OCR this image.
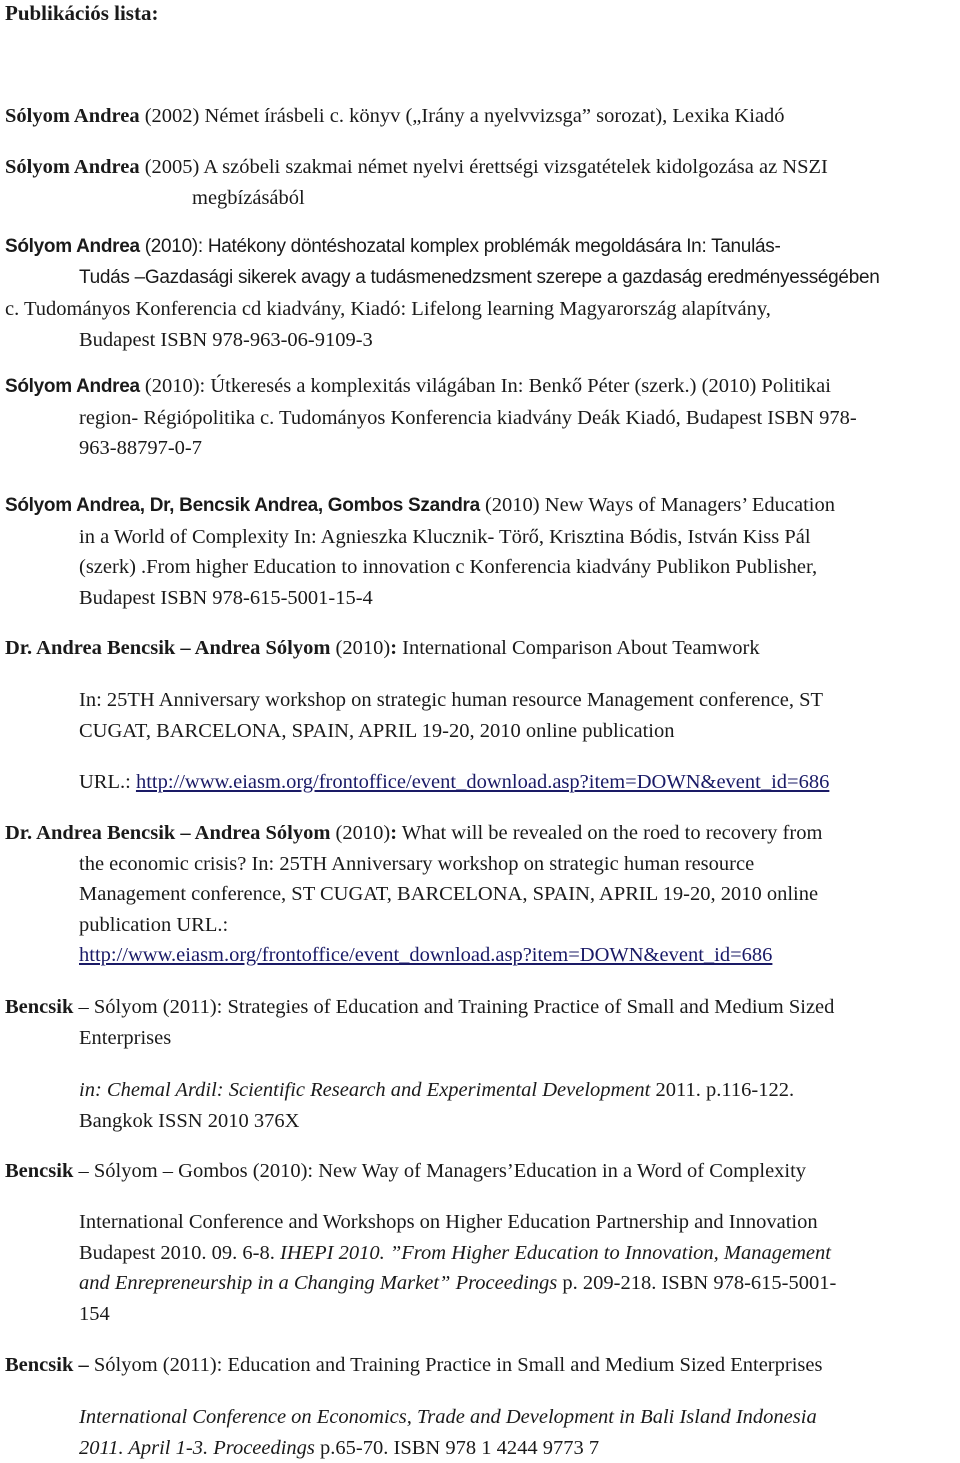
Publikációs lista:
Sólyom Andrea (2002) Német írásbeli c. könyv („Irány a nyelvvizsga” sorozat), Lexika Kiadó
Sólyom Andrea (2005) A szóbeli szakmai német nyelvi érettségi vizsgatételek kidolgozása az NSZI
megbízásából
Sólyom Andrea (2010): Hatékony döntéshozatal komplex problémák megoldására In: Tanulás-
Tudás –Gazdasági sikerek avagy a tudásmenedzsment szerepe a gazdaság eredményességében
c. Tudományos Konferencia cd kiadvány, Kiadó: Lifelong learning Magyarország alapítvány,
Budapest ISBN 978-963-06-9109-3
Sólyom Andrea (2010): Útkeresés a komplexitás világában In: Benkő Péter (szerk.) (2010) Politikai
region- Régiópolitika c. Tudományos Konferencia kiadvány Deák Kiadó, Budapest ISBN 978-
963-88797-0-7
Sólyom Andrea, Dr, Bencsik Andrea, Gombos Szandra (2010) New Ways of Managers’ Education
in a World of Complexity In: Agnieszka Klucznik- Törő, Krisztina Bódis, István Kiss Pál
(szerk) .From higher Education to innovation c Konferencia kiadvány Publikon Publisher,
Budapest ISBN 978-615-5001-15-4
Dr. Andrea Bencsik – Andrea Sólyom (2010): International Comparison About Teamwork
In: 25TH Anniversary workshop on strategic human resource Management conference, ST
CUGAT, BARCELONA, SPAIN, APRIL 19-20, 2010 online publication
URL.: http://www.eiasm.org/frontoffice/event_download.asp?item=DOWN&event_id=686
Dr. Andrea Bencsik – Andrea Sólyom (2010): What will be revealed on the roed to recovery from
the economic crisis? In: 25TH Anniversary workshop on strategic human resource
Management conference, ST CUGAT, BARCELONA, SPAIN, APRIL 19-20, 2010 online
publication URL.:
http://www.eiasm.org/frontoffice/event_download.asp?item=DOWN&event_id=686
Bencsik – Sólyom (2011): Strategies of Education and Training Practice of Small and Medium Sized
Enterprises
in: Chemal Ardil: Scientific Research and Experimental Development 2011. p.116-122.
Bangkok ISSN 2010 376X
Bencsik – Sólyom – Gombos (2010): New Way of Managers’Education in a Word of Complexity
International Conference and Workshops on Higher Education Partnership and Innovation
Budapest 2010. 09. 6-8. IHEPI 2010. ”From Higher Education to Innovation, Management
and Enrepreneurship in a Changing Market” Proceedings p. 209-218. ISBN 978-615-5001-
154
Bencsik – Sólyom (2011): Education and Training Practice in Small and Medium Sized Enterprises
International Conference on Economics, Trade and Development in Bali Island Indonesia
2011. April 1-3. Proceedings p.65-70. ISBN 978 1 4244 9773 7
